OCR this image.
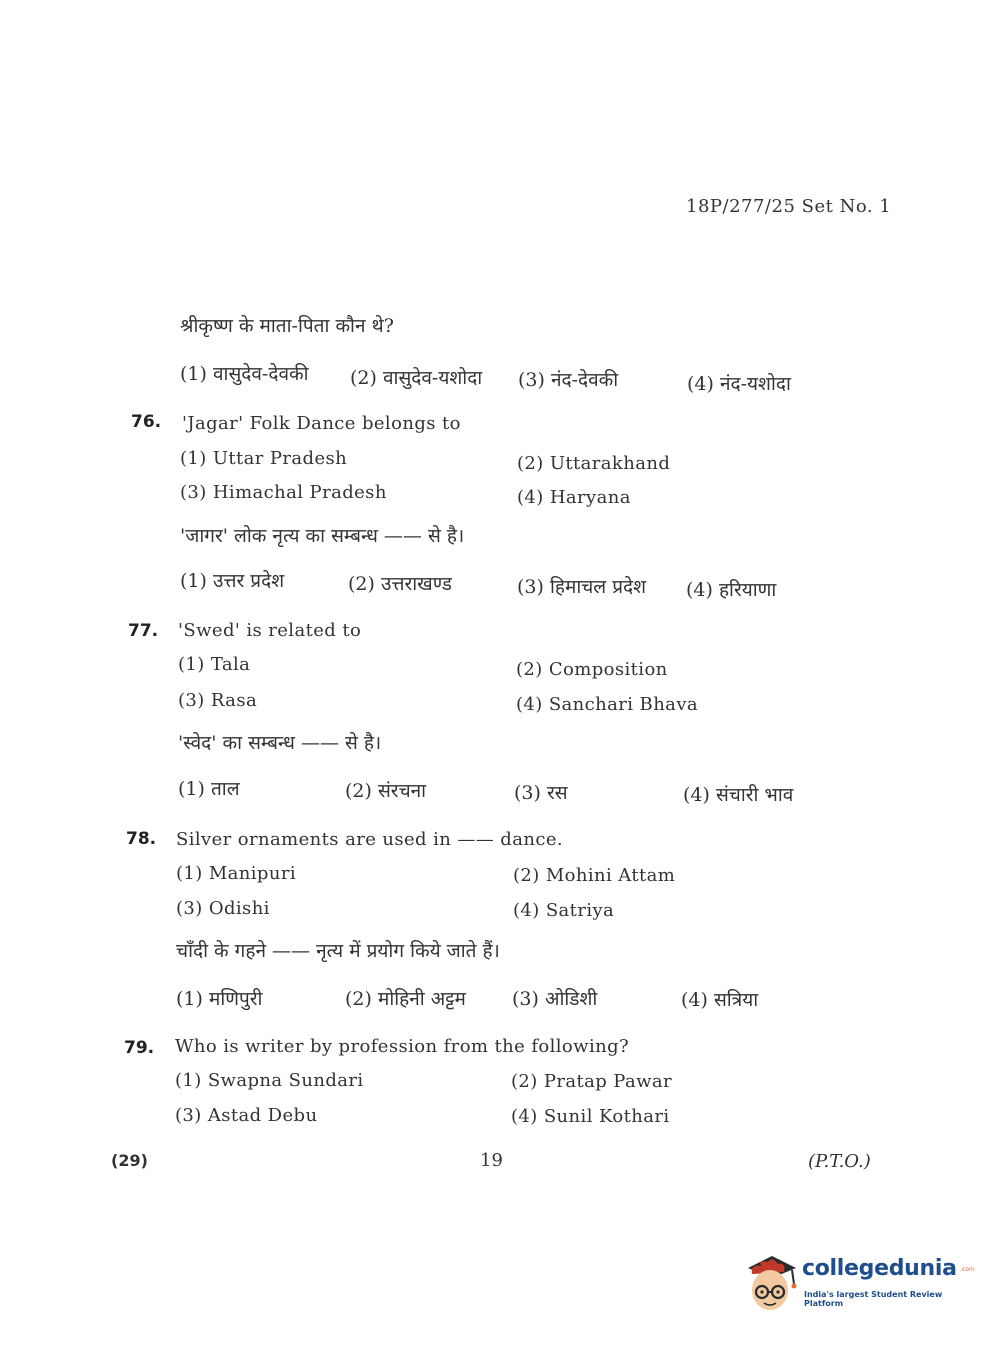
18P/277/25 Set No. 1
श्रीकृष्ण के माता-पिता कौन थे?
(1) वासुदेव-देवकी (2) वासुदेव-यशोदा (3) नंद-देवकी	(4) नंद-यशोदा
76. 'Jagar' Folk Dance belongs to
(1) Uttar Pradesh	(2) Uttarakhand
(3) Himachal Pradesh	(4) Haryana
'जागर' लोक नृत्य का सम्बन्ध —— से है।
(1) उत्तर प्रदेश	(2) उत्तराखण्ड	(3) हिमाचल प्रदेश (4) हरियाणा
77. 'Swed' is related to
(1) Tala	(2) Composition
(3) Rasa	(4) Sanchari Bhava
'स्वेद' का सम्बन्ध —— से है।
(1) ताल	(2) संरचना	(3) रस	(4) संचारी भाव
78. Silver ornaments are used in —— dance.
(1) Manipuri	(2) Mohini Attam
(3) Odishi	(4) Satriya
चाँदी के गहने —— नृत्य में प्रयोग किये जाते हैं।
(1) मणिपुरी	(2) मोहिनी अट्टम (3) ओडिशी	(4) सत्रिया
79. Who is writer by profession from the following?
(1) Swapna Sundari	(2) Pratap Pawar
(3) Astad Debu	(4) Sunil Kothari
(29)	19	(P.T.O.)
collegedunia .com
India's largest Student Review Platform
